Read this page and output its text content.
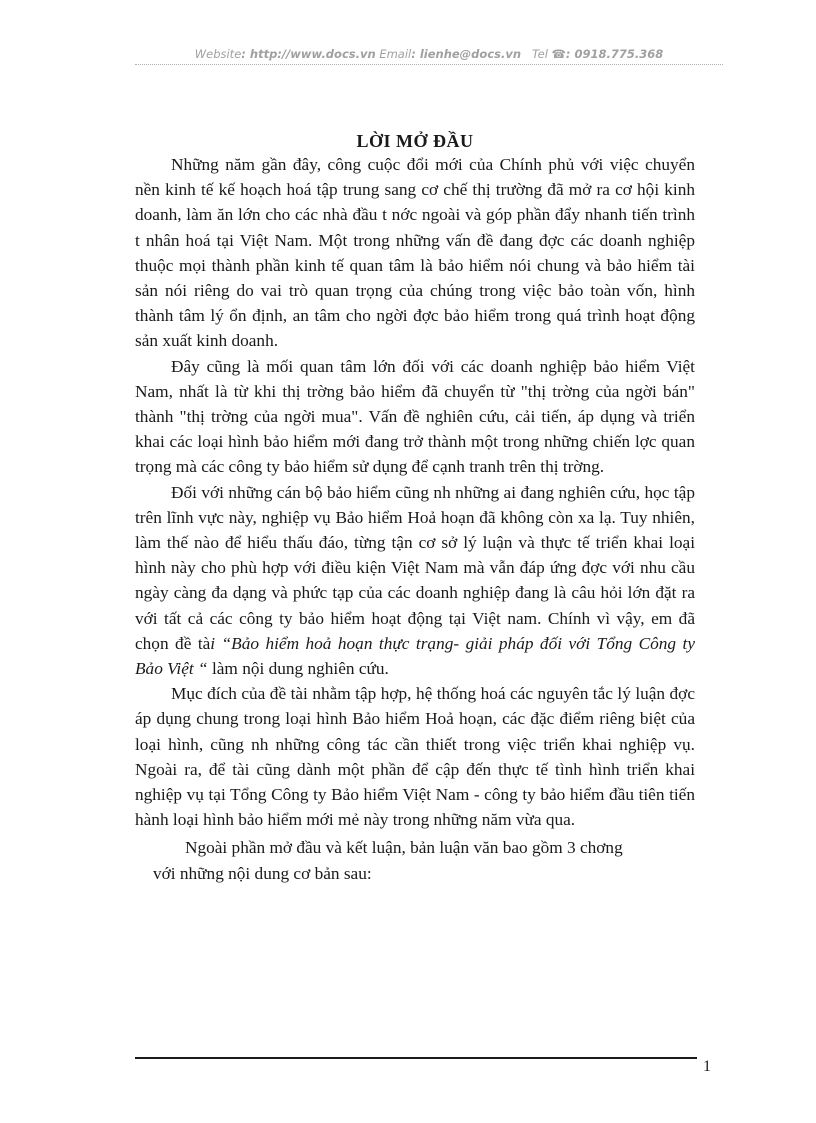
Website: http://www.docs.vn Email: lienhe@docs.vn Tel ☎: 0918.775.368
LỜI MỞ ĐẦU

Những năm gần đây, công cuộc đổi mới của Chính phủ với việc chuyển nền kinh tế kế hoạch hoá tập trung sang cơ chế thị trường đã mở ra cơ hội kinh doanh, làm ăn lớn cho các nhà đầu t nớc ngoài và góp phần đẩy nhanh tiến trình t nhân hoá tại Việt Nam. Một trong những vấn đề đang đợc các doanh nghiệp thuộc mọi thành phần kinh tế quan tâm là bảo hiểm nói chung và bảo hiểm tài sản nói riêng do vai trò quan trọng của chúng trong việc bảo toàn vốn, hình thành tâm lý ổn định, an tâm cho ngời đợc bảo hiểm trong quá trình hoạt động sản xuất kinh doanh.

Đây cũng là mối quan tâm lớn đối với các doanh nghiệp bảo hiểm Việt Nam, nhất là từ khi thị trờng bảo hiểm đã chuyển từ "thị trờng của ngời bán" thành "thị trờng của ngời mua". Vấn đề nghiên cứu, cải tiến, áp dụng và triển khai các loại hình bảo hiểm mới đang trở thành một trong những chiến lợc quan trọng mà các công ty bảo hiểm sử dụng để cạnh tranh trên thị trờng.

Đối với những cán bộ bảo hiểm cũng nh những ai đang nghiên cứu, học tập trên lĩnh vực này, nghiệp vụ Bảo hiểm Hoả hoạn đã không còn xa lạ. Tuy nhiên, làm thế nào để hiểu thấu đáo, từng tận cơ sở lý luận và thực tế triển khai loại hình này cho phù hợp với điều kiện Việt Nam mà vẫn đáp ứng đợc với nhu cầu ngày càng đa dạng và phức tạp của các doanh nghiệp đang là câu hỏi lớn đặt ra với tất cả các công ty bảo hiểm hoạt động tại Việt nam. Chính vì vậy, em đã chọn đề tài “Bảo hiểm hoả hoạn thực trạng- giải pháp đối với Tổng Công ty Bảo Việt “ làm nội dung nghiên cứu.

Mục đích của đề tài nhằm tập hợp, hệ thống hoá các nguyên tắc lý luận đợc áp dụng chung trong loại hình Bảo hiểm Hoả hoạn, các đặc điểm riêng biệt của loại hình, cũng nh những công tác cần thiết trong việc triển khai nghiệp vụ. Ngoài ra, để tài cũng dành một phần để cập đến thực tế tình hình triển khai nghiệp vụ tại Tổng Công ty Bảo hiểm Việt Nam - công ty bảo hiểm đầu tiên tiến hành loại hình bảo hiểm mới mẻ này trong những năm vừa qua.

Ngoài phần mở đầu và kết luận, bản luận văn bao gồm 3 chơng
với những nội dung cơ bản sau:

1
